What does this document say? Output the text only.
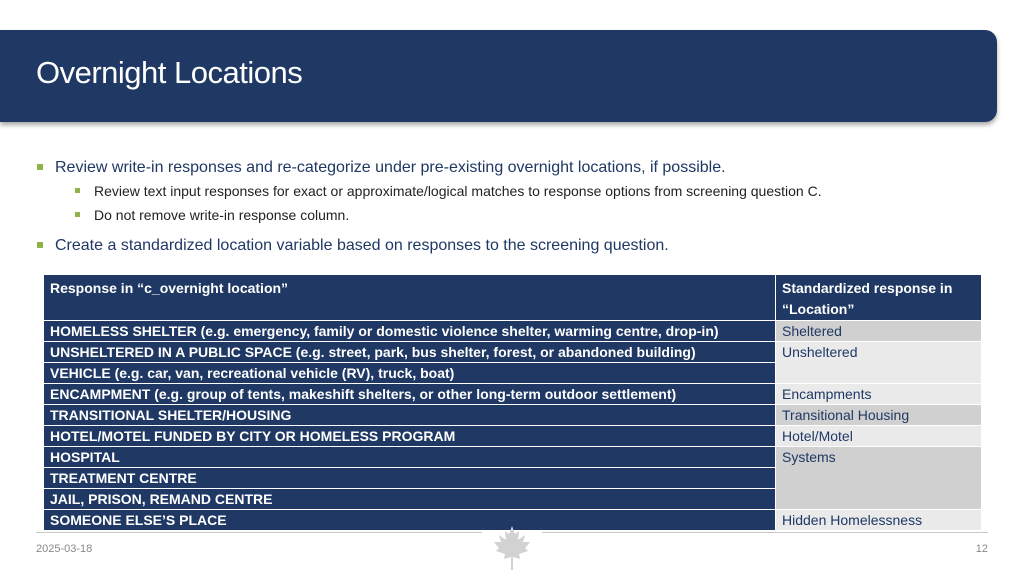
Overnight Locations
Review write-in responses and re-categorize under pre-existing overnight locations, if possible.
Review text input responses for exact or approximate/logical matches to response options from screening question C.
Do not remove write-in response column.
Create a standardized location variable based on responses to the screening question.
Response in “c_overnight location”	Standardized response in “Location”
HOMELESS SHELTER (e.g. emergency, family or domestic violence shelter, warming centre, drop-in)	Sheltered
UNSHELTERED IN A PUBLIC SPACE (e.g. street, park, bus shelter, forest, or abandoned building)	Unsheltered
VEHICLE (e.g. car, van, recreational vehicle (RV), truck, boat)	
ENCAMPMENT (e.g. group of tents, makeshift shelters, or other long-term outdoor settlement)	Encampments
TRANSITIONAL SHELTER/HOUSING	Transitional Housing
HOTEL/MOTEL FUNDED BY CITY OR HOMELESS PROGRAM	Hotel/Motel
HOSPITAL	Systems
TREATMENT CENTRE	
JAIL, PRISON, REMAND CENTRE	
SOMEONE ELSE’S PLACE	Hidden Homelessness
2025-03-18	12
